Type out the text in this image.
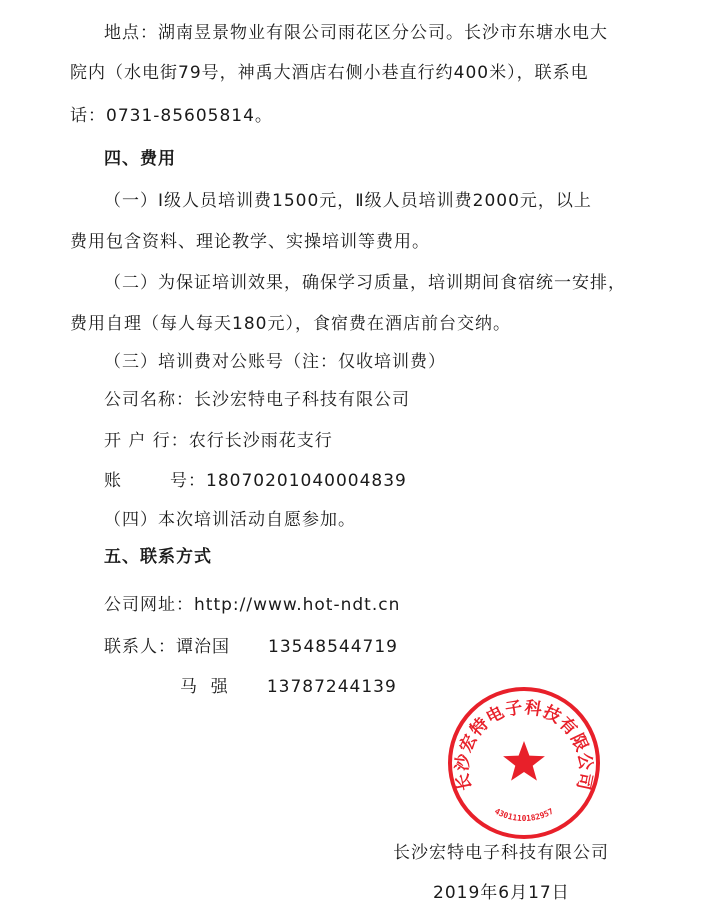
地点：湖南昱景物业有限公司雨花区分公司。长沙市东塘水电大
院内（水电街79号，神禹大酒店右侧小巷直行约400米），联系电
话：0731-85605814。
四、费用
（一）Ⅰ级人员培训费1500元，Ⅱ级人员培训费2000元，以上
费用包含资料、理论教学、实操培训等费用。
（二）为保证培训效果，确保学习质量，培训期间食宿统一安排，
费用自理（每人每天180元），食宿费在酒店前台交纳。
（三）培训费对公账号（注：仅收培训费）
公司名称：长沙宏特电子科技有限公司
开 户 行：农行长沙雨花支行
账	号：18070201040004839
（四）本次培训活动自愿参加。
五、联系方式
公司网址：http://www.hot-ndt.cn
联系人：谭治国 13548544719
马  强 13787244139
长沙宏特电子科技有限公司
4301110182957
长沙宏特电子科技有限公司
2019年6月17日
